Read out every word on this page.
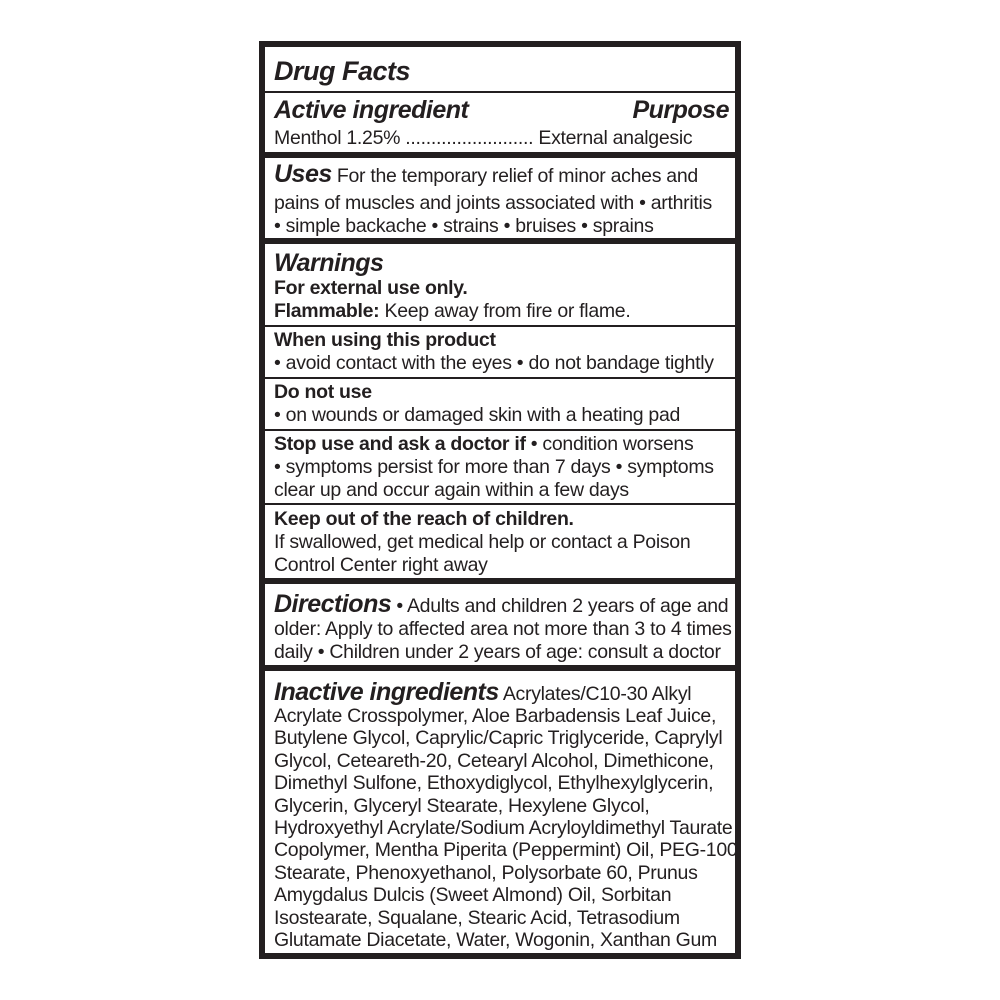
Drug Facts
Active ingredient	Purpose
Menthol 1.25% ......................... External analgesic
Uses For the temporary relief of minor aches and
pains of muscles and joints associated with • arthritis
• simple backache • strains • bruises • sprains
Warnings
For external use only.
Flammable: Keep away from fire or flame.
When using this product
• avoid contact with the eyes • do not bandage tightly
Do not use
• on wounds or damaged skin with a heating pad
Stop use and ask a doctor if • condition worsens
• symptoms persist for more than 7 days • symptoms
clear up and occur again within a few days
Keep out of the reach of children.
If swallowed, get medical help or contact a Poison
Control Center right away
Directions • Adults and children 2 years of age and
older: Apply to affected area not more than 3 to 4 times
daily • Children under 2 years of age: consult a doctor
Inactive ingredients Acrylates/C10-30 Alkyl
Acrylate Crosspolymer, Aloe Barbadensis Leaf Juice,
Butylene Glycol, Caprylic/Capric Triglyceride, Caprylyl
Glycol, Ceteareth-20, Cetearyl Alcohol, Dimethicone,
Dimethyl Sulfone, Ethoxydiglycol, Ethylhexylglycerin,
Glycerin, Glyceryl Stearate, Hexylene Glycol,
Hydroxyethyl Acrylate/Sodium Acryloyldimethyl Taurate
Copolymer, Mentha Piperita (Peppermint) Oil, PEG-100
Stearate, Phenoxyethanol, Polysorbate 60, Prunus
Amygdalus Dulcis (Sweet Almond) Oil, Sorbitan
Isostearate, Squalane, Stearic Acid, Tetrasodium
Glutamate Diacetate, Water, Wogonin, Xanthan Gum
